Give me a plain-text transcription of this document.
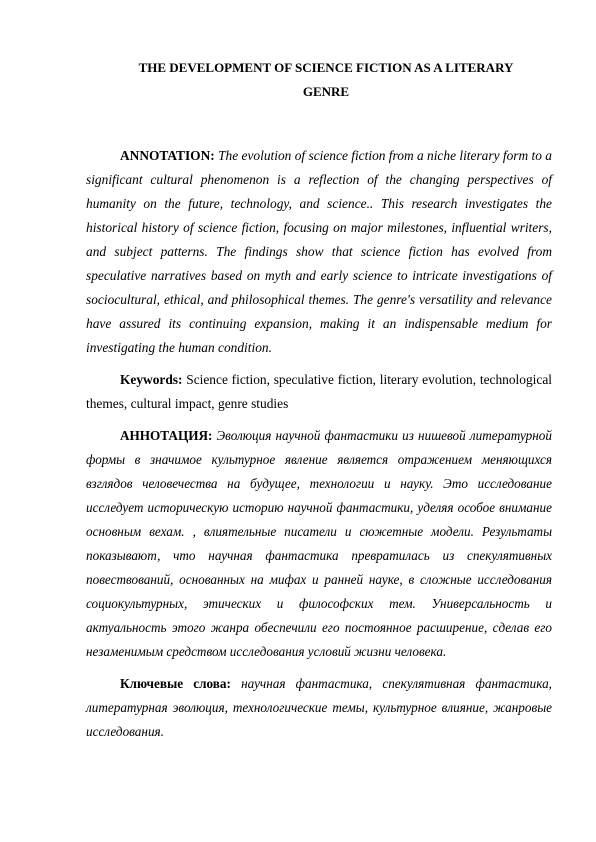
THE DEVELOPMENT OF SCIENCE FICTION AS A LITERARY
GENRE

ANNOTATION: The evolution of science fiction from a niche literary form to a significant cultural phenomenon is a reflection of the changing perspectives of humanity on the future, technology, and science.. This research investigates the historical history of science fiction, focusing on major milestones, influential writers, and subject patterns. The findings show that science fiction has evolved from speculative narratives based on myth and early science to intricate investigations of sociocultural, ethical, and philosophical themes. The genre's versatility and relevance have assured its continuing expansion, making it an indispensable medium for investigating the human condition.

Keywords: Science fiction, speculative fiction, literary evolution, technological themes, cultural impact, genre studies

АННОТАЦИЯ: Эволюция научной фантастики из нишевой литературной формы в значимое культурное явление является отражением меняющихся взглядов человечества на будущее, технологии и науку. Это исследование исследует историческую историю научной фантастики, уделяя особое внимание основным вехам. , влиятельные писатели и сюжетные модели. Результаты показывают, что научная фантастика превратилась из спекулятивных повествований, основанных на мифах и ранней науке, в сложные исследования социокультурных, этических и философских тем. Универсальность и актуальность этого жанра обеспечили его постоянное расширение, сделав его незаменимым средством исследования условий жизни человека.

Ключевые слова: научная фантастика, спекулятивная фантастика, литературная эволюция, технологические темы, культурное влияние, жанровые исследования.
